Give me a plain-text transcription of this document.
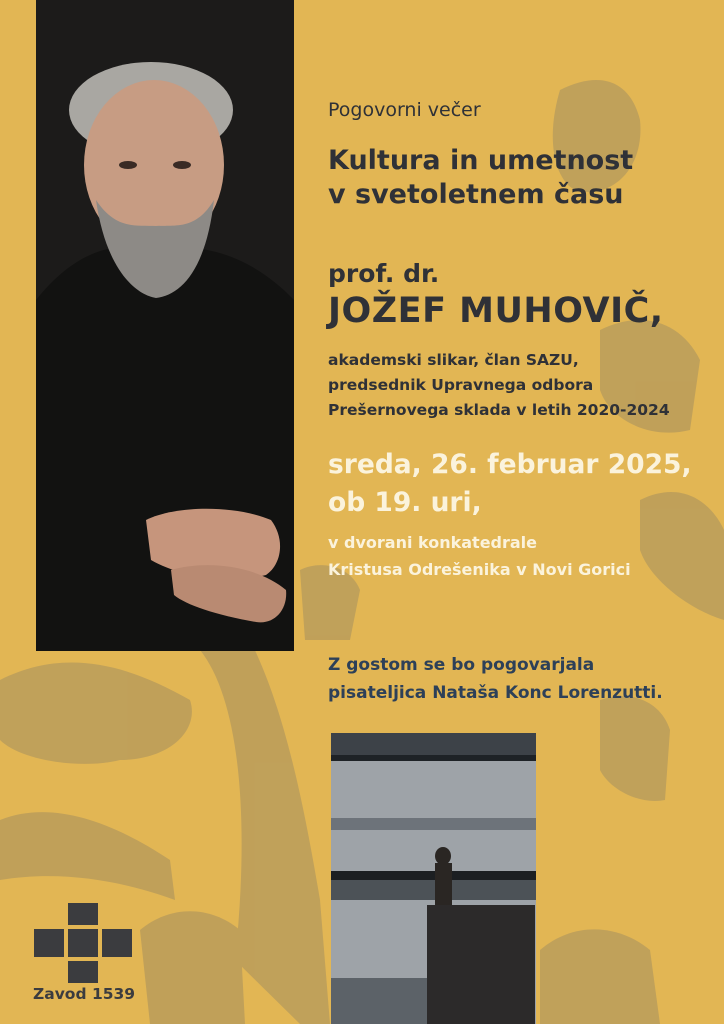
Pogovorni večer
Kultura in umetnost
v svetoletnem času
prof. dr.
JOŽEF MUHOVIČ,
akademski slikar, član SAZU,
predsednik Upravnega odbora
Prešernovega sklada v letih 2020-2024
sreda, 26. februar 2025,
ob 19. uri,
v dvorani konkatedrale
Kristusa Odrešenika v Novi Gorici
Z gostom se bo pogovarjala
pisateljica Nataša Konc Lorenzutti.
Zavod 1539
